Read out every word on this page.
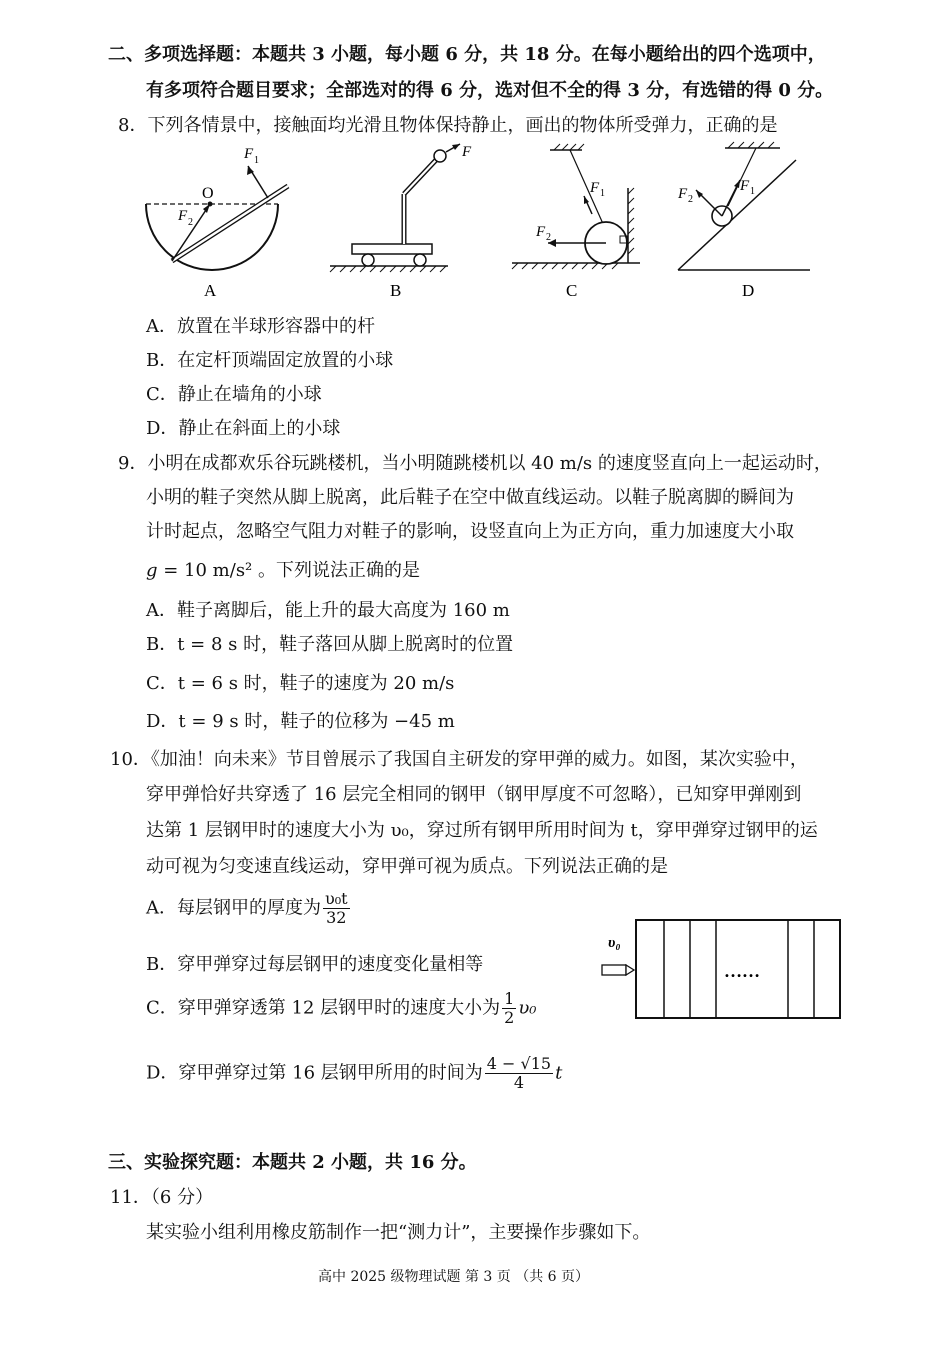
二、多项选择题：本题共 3 小题，每小题 6 分，共 18 分。在每小题给出的四个选项中，
有多项符合题目要求；全部选对的得 6 分，选对但不全的得 3 分，有选错的得 0 分。
8．下列各情景中，接触面均光滑且物体保持静止，画出的物体所受弹力，正确的是
O
F 1
F 2
A
F
B
F 1
F 2
C
F 1
F 2
D
A．放置在半球形容器中的杆
B．在定杆顶端固定放置的小球
C．静止在墙角的小球
D．静止在斜面上的小球
9．小明在成都欢乐谷玩跳楼机，当小明随跳楼机以 40 m/s 的速度竖直向上一起运动时，
小明的鞋子突然从脚上脱离，此后鞋子在空中做直线运动。以鞋子脱离脚的瞬间为
计时起点，忽略空气阻力对鞋子的影响，设竖直向上为正方向，重力加速度大小取
g = 10 m/s² 。下列说法正确的是
A．鞋子离脚后，能上升的最大高度为 160 m
B．t = 8 s 时，鞋子落回从脚上脱离时的位置
C．t = 6 s 时，鞋子的速度为 20 m/s
D．t = 9 s 时，鞋子的位移为 −45 m
10．《加油！向未来》节目曾展示了我国自主研发的穿甲弹的威力。如图，某次实验中，
穿甲弹恰好共穿透了 16 层完全相同的钢甲（钢甲厚度不可忽略），已知穿甲弹刚到
达第 1 层钢甲时的速度大小为 υ₀，穿过所有钢甲所用时间为 t，穿甲弹穿过钢甲的运
动可视为匀变速直线运动，穿甲弹可视为质点。下列说法正确的是
A．每层钢甲的厚度为 $\frac{\text{υ₀t}}{32}$
B．穿甲弹穿过每层钢甲的速度变化量相等
C．穿甲弹穿透第 12 层钢甲时的速度大小为 $\frac{1}{2} \upsilon_0$
D．穿甲弹穿过第 16 层钢甲所用的时间为 $\frac{4 - √15}{4}$ t
υ₀
……
三、实验探究题：本题共 2 小题，共 16 分。
11．（6 分）
某实验小组利用橡皮筋制作一把“测力计”，主要操作步骤如下。
高中 2025 级物理试题 第 3 页 （共 6 页）
